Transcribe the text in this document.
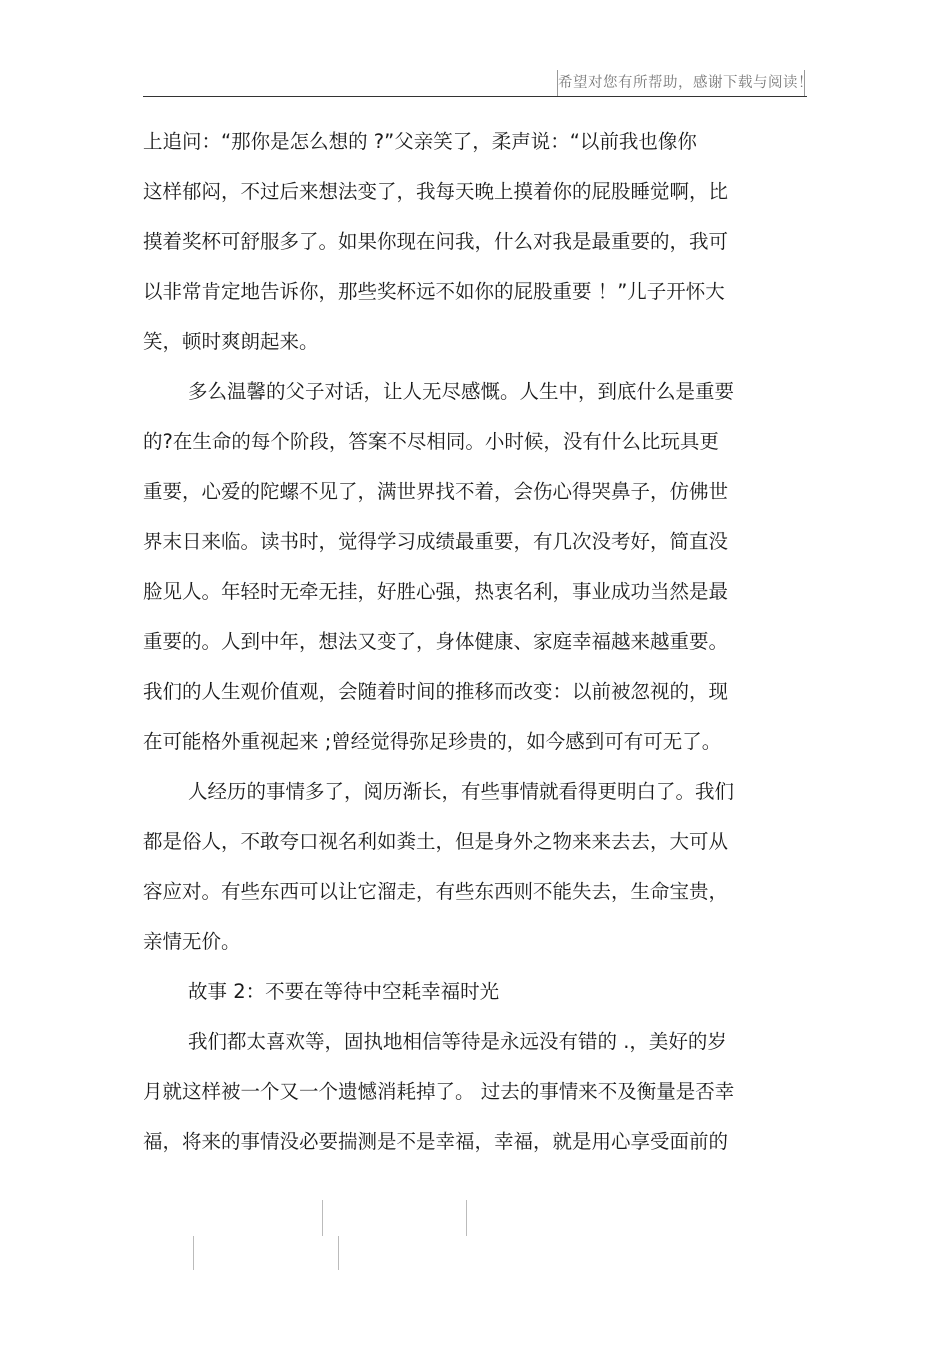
希望对您有所帮助，感谢下载与阅读！
上追问：“那你是怎么想的 ?”父亲笑了，柔声说：“以前我也像你
这样郁闷，不过后来想法变了，我每天晚上摸着你的屁股睡觉啊，比
摸着奖杯可舒服多了。如果你现在问我，什么对我是最重要的，我可
以非常肯定地告诉你，那些奖杯远不如你的屁股重要 ！”儿子开怀大
笑，顿时爽朗起来。
多么温馨的父子对话，让人无尽感慨。人生中，到底什么是重要
的?在生命的每个阶段，答案不尽相同。小时候，没有什么比玩具更
重要，心爱的陀螺不见了，满世界找不着，会伤心得哭鼻子，仿佛世
界末日来临。读书时，觉得学习成绩最重要，有几次没考好，简直没
脸见人。年轻时无牵无挂，好胜心强，热衷名利，事业成功当然是最
重要的。人到中年，想法又变了，身体健康、家庭幸福越来越重要。
我们的人生观价值观，会随着时间的推移而改变：以前被忽视的，现
在可能格外重视起来 ;曾经觉得弥足珍贵的，如今感到可有可无了。
人经历的事情多了，阅历渐长，有些事情就看得更明白了。我们
都是俗人，不敢夸口视名利如粪土，但是身外之物来来去去，大可从
容应对。有些东西可以让它溜走，有些东西则不能失去，生命宝贵，
亲情无价。
故事 2：不要在等待中空耗幸福时光
我们都太喜欢等，固执地相信等待是永远没有错的 .，美好的岁
月就这样被一个又一个遗憾消耗掉了。 过去的事情来不及衡量是否幸
福，将来的事情没必要揣测是不是幸福，幸福，就是用心享受面前的
